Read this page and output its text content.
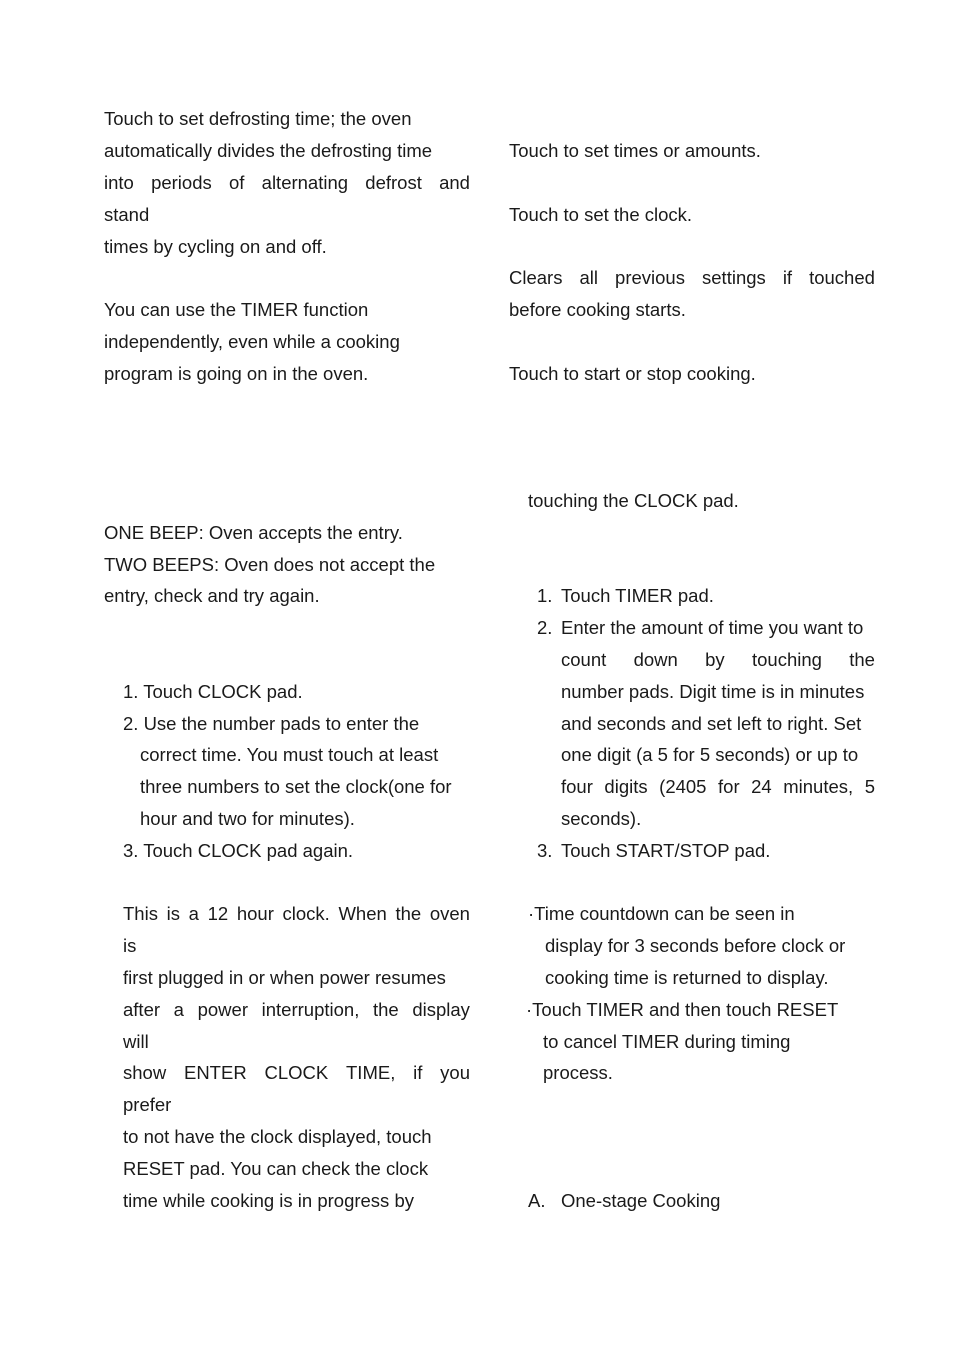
Touch to set defrosting time; the oven
automatically divides the defrosting time
into periods of alternating defrost and
stand
times by cycling on and off.
You can use the TIMER function
independently, even while a cooking
program is going on in the oven.
ONE BEEP: Oven accepts the entry.
TWO BEEPS: Oven does not accept the
entry, check and try again.
1. Touch CLOCK pad.
2. Use the number pads to enter the
correct time. You must touch at least
three numbers to set the clock(one for
hour and two for minutes).
3. Touch CLOCK pad again.
This is a 12 hour clock. When the oven
is
first plugged in or when power resumes
after a power interruption, the display
will
show ENTER CLOCK TIME, if you
prefer
to not have the clock displayed, touch
RESET pad. You can check the clock
time while cooking is in progress by
Touch to set times or amounts.
Touch to set the clock.
Clears all previous settings if touched
before cooking starts.
Touch to start or stop cooking.
touching the CLOCK pad.
1. Touch TIMER pad.
2. Enter the amount of time you want to
count down by touching the
number pads. Digit time is in minutes
and seconds and set left to right. Set
one digit (a 5 for 5 seconds) or up to
four digits (2405 for 24 minutes, 5
seconds).
3. Touch START/STOP pad.
·Time countdown can be seen in
display for 3 seconds before clock or
cooking time is returned to display.
·Touch TIMER and then touch RESET
to cancel TIMER during timing
process.
A. One-stage Cooking
